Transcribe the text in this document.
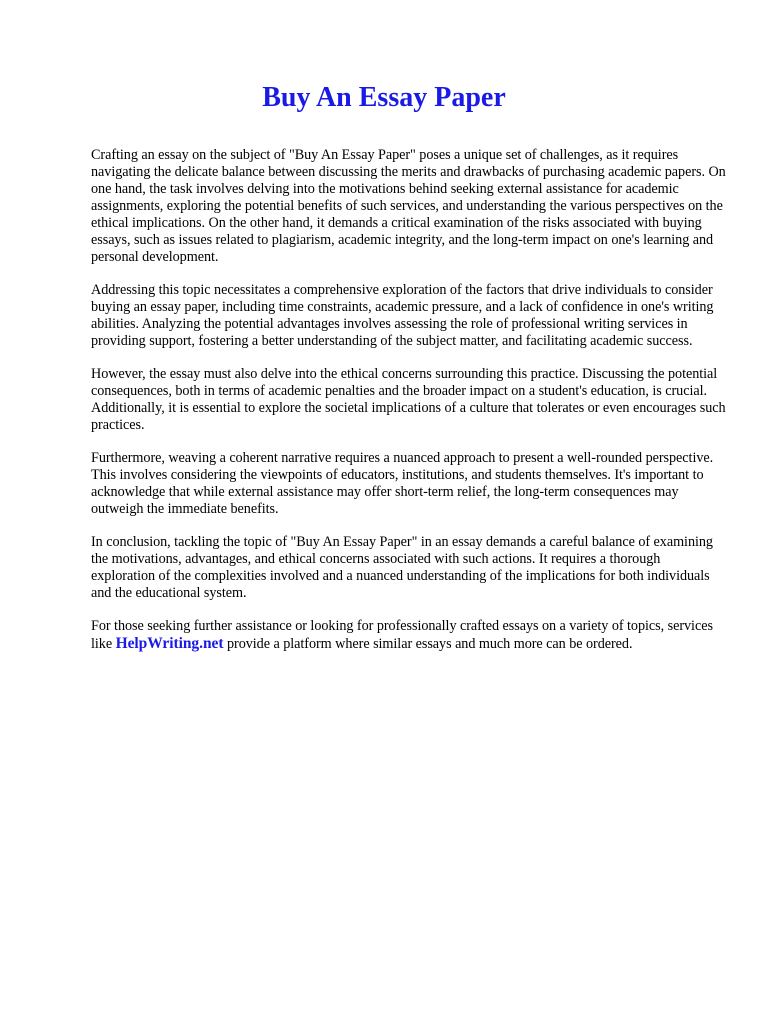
Buy An Essay Paper

Crafting an essay on the subject of "Buy An Essay Paper" poses a unique set of challenges, as it requires navigating the delicate balance between discussing the merits and drawbacks of purchasing academic papers. On one hand, the task involves delving into the motivations behind seeking external assistance for academic assignments, exploring the potential benefits of such services, and understanding the various perspectives on the ethical implications. On the other hand, it demands a critical examination of the risks associated with buying essays, such as issues related to plagiarism, academic integrity, and the long-term impact on one's learning and personal development.

Addressing this topic necessitates a comprehensive exploration of the factors that drive individuals to consider buying an essay paper, including time constraints, academic pressure, and a lack of confidence in one's writing abilities. Analyzing the potential advantages involves assessing the role of professional writing services in providing support, fostering a better understanding of the subject matter, and facilitating academic success.

However, the essay must also delve into the ethical concerns surrounding this practice. Discussing the potential consequences, both in terms of academic penalties and the broader impact on a student's education, is crucial. Additionally, it is essential to explore the societal implications of a culture that tolerates or even encourages such practices.

Furthermore, weaving a coherent narrative requires a nuanced approach to present a well-rounded perspective. This involves considering the viewpoints of educators, institutions, and students themselves. It's important to acknowledge that while external assistance may offer short-term relief, the long-term consequences may outweigh the immediate benefits.

In conclusion, tackling the topic of "Buy An Essay Paper" in an essay demands a careful balance of examining the motivations, advantages, and ethical concerns associated with such actions. It requires a thorough exploration of the complexities involved and a nuanced understanding of the implications for both individuals and the educational system.

For those seeking further assistance or looking for professionally crafted essays on a variety of topics, services like HelpWriting.net provide a platform where similar essays and much more can be ordered.
